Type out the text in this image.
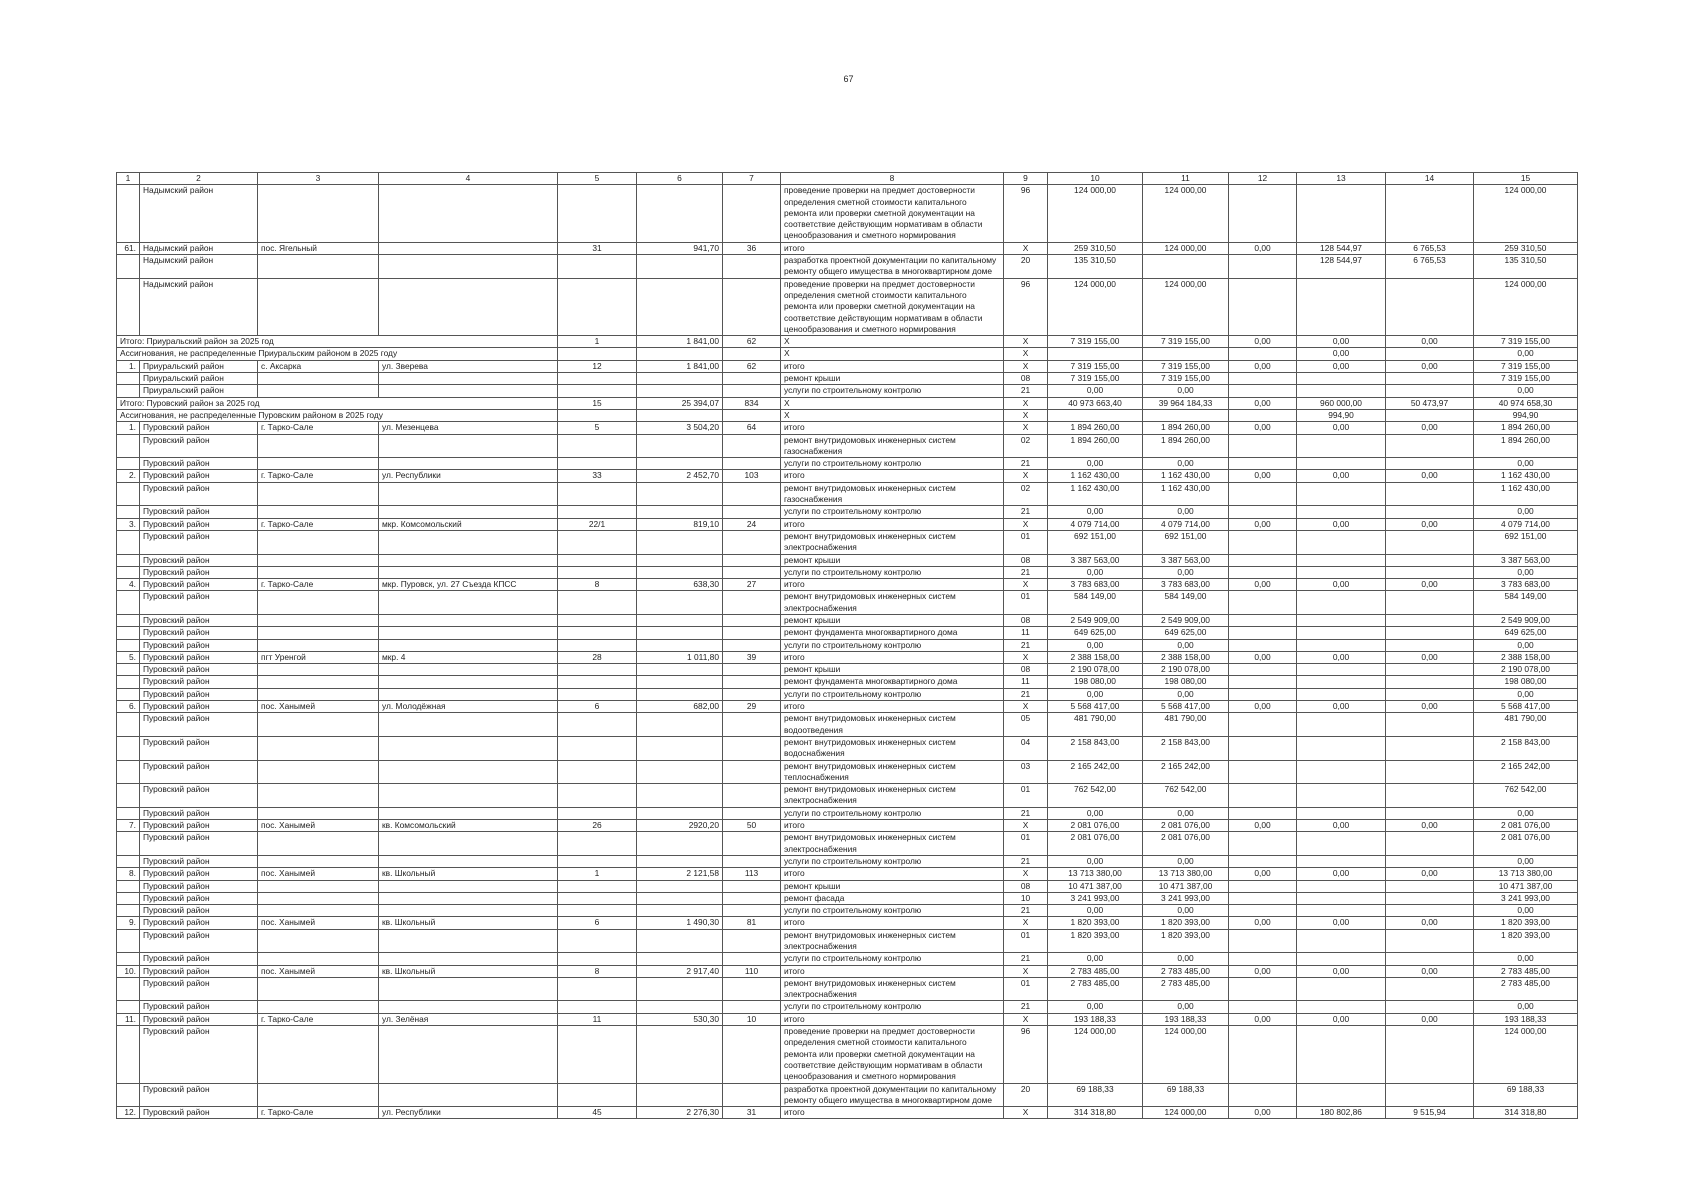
67
1	2	3	4	5	6	7	8	9	10	11	12	13	14	15
	Надымский район						проведение проверки на предмет достоверности определения сметной стоимости капитального ремонта или проверки сметной документации на соответствие действующим нормативам в области ценообразования и сметного нормирования	96	124 000,00	124 000,00				124 000,00
61.	Надымский район	пос. Ягельный		31	941,70	36	итого	X	259 310,50	124 000,00	0,00	128 544,97	6 765,53	259 310,50
	Надымский район						разработка проектной документации по капитальному ремонту общего имущества в многоквартирном доме	20	135 310,50			128 544,97	6 765,53	135 310,50
	Надымский район						проведение проверки на предмет достоверности определения сметной стоимости капитального ремонта или проверки сметной документации на соответствие действующим нормативам в области ценообразования и сметного нормирования	96	124 000,00	124 000,00				124 000,00
Итого: Приуральский район за 2025 год				1	1 841,00	62	X	X	7 319 155,00	7 319 155,00	0,00	0,00	0,00	7 319 155,00
Ассигнования, не распределенные Приуральским районом в 2025 году							X	X				0,00		0,00
1.	Приуральский район	с. Аксарка	ул. Зверева	12	1 841,00	62	итого	X	7 319 155,00	7 319 155,00	0,00	0,00	0,00	7 319 155,00
	Приуральский район						ремонт крыши	08	7 319 155,00	7 319 155,00				7 319 155,00
	Приуральский район						услуги по строительному контролю	21	0,00	0,00				0,00
Итого: Пуровский район за 2025 год				15	25 394,07	834	X	X	40 973 663,40	39 964 184,33	0,00	960 000,00	50 473,97	40 974 658,30
Ассигнования, не распределенные Пуровским районом в 2025 году							X	X				994,90		994,90
1.	Пуровский район	г. Тарко-Сале	ул. Мезенцева	5	3 504,20	64	итого	X	1 894 260,00	1 894 260,00	0,00	0,00	0,00	1 894 260,00
	Пуровский район						ремонт внутридомовых инженерных систем газоснабжения	02	1 894 260,00	1 894 260,00				1 894 260,00
	Пуровский район						услуги по строительному контролю	21	0,00	0,00				0,00
2.	Пуровский район	г. Тарко-Сале	ул. Республики	33	2 452,70	103	итого	X	1 162 430,00	1 162 430,00	0,00	0,00	0,00	1 162 430,00
	Пуровский район						ремонт внутридомовых инженерных систем газоснабжения	02	1 162 430,00	1 162 430,00				1 162 430,00
	Пуровский район						услуги по строительному контролю	21	0,00	0,00				0,00
3.	Пуровский район	г. Тарко-Сале	мкр. Комсомольский	22/1	819,10	24	итого	X	4 079 714,00	4 079 714,00	0,00	0,00	0,00	4 079 714,00
	Пуровский район						ремонт внутридомовых инженерных систем электроснабжения	01	692 151,00	692 151,00				692 151,00
	Пуровский район						ремонт крыши	08	3 387 563,00	3 387 563,00				3 387 563,00
	Пуровский район						услуги по строительному контролю	21	0,00	0,00				0,00
4.	Пуровский район	г. Тарко-Сале	мкр. Пуровск, ул. 27 Съезда КПСС	8	638,30	27	итого	X	3 783 683,00	3 783 683,00	0,00	0,00	0,00	3 783 683,00
	Пуровский район						ремонт внутридомовых инженерных систем электроснабжения	01	584 149,00	584 149,00				584 149,00
	Пуровский район						ремонт крыши	08	2 549 909,00	2 549 909,00				2 549 909,00
	Пуровский район						ремонт фундамента многоквартирного дома	11	649 625,00	649 625,00				649 625,00
	Пуровский район						услуги по строительному контролю	21	0,00	0,00				0,00
5.	Пуровский район	пгт Уренгой	мкр. 4	28	1 011,80	39	итого	X	2 388 158,00	2 388 158,00	0,00	0,00	0,00	2 388 158,00
	Пуровский район						ремонт крыши	08	2 190 078,00	2 190 078,00				2 190 078,00
	Пуровский район						ремонт фундамента многоквартирного дома	11	198 080,00	198 080,00				198 080,00
	Пуровский район						услуги по строительному контролю	21	0,00	0,00				0,00
6.	Пуровский район	пос. Ханымей	ул. Молодёжная	6	682,00	29	итого	X	5 568 417,00	5 568 417,00	0,00	0,00	0,00	5 568 417,00
	Пуровский район						ремонт внутридомовых инженерных систем водоотведения	05	481 790,00	481 790,00				481 790,00
	Пуровский район						ремонт внутридомовых инженерных систем водоснабжения	04	2 158 843,00	2 158 843,00				2 158 843,00
	Пуровский район						ремонт внутридомовых инженерных систем теплоснабжения	03	2 165 242,00	2 165 242,00				2 165 242,00
	Пуровский район						ремонт внутридомовых инженерных систем электроснабжения	01	762 542,00	762 542,00				762 542,00
	Пуровский район						услуги по строительному контролю	21	0,00	0,00				0,00
7.	Пуровский район	пос. Ханымей	кв. Комсомольский	26	2920,20	50	итого	X	2 081 076,00	2 081 076,00	0,00	0,00	0,00	2 081 076,00
	Пуровский район						ремонт внутридомовых инженерных систем электроснабжения	01	2 081 076,00	2 081 076,00				2 081 076,00
	Пуровский район						услуги по строительному контролю	21	0,00	0,00				0,00
8.	Пуровский район	пос. Ханымей	кв. Школьный	1	2 121,58	113	итого	X	13 713 380,00	13 713 380,00	0,00	0,00	0,00	13 713 380,00
	Пуровский район						ремонт крыши	08	10 471 387,00	10 471 387,00				10 471 387,00
	Пуровский район						ремонт фасада	10	3 241 993,00	3 241 993,00				3 241 993,00
	Пуровский район						услуги по строительному контролю	21	0,00	0,00				0,00
9.	Пуровский район	пос. Ханымей	кв. Школьный	6	1 490,30	81	итого	X	1 820 393,00	1 820 393,00	0,00	0,00	0,00	1 820 393,00
	Пуровский район						ремонт внутридомовых инженерных систем электроснабжения	01	1 820 393,00	1 820 393,00				1 820 393,00
	Пуровский район						услуги по строительному контролю	21	0,00	0,00				0,00
10.	Пуровский район	пос. Ханымей	кв. Школьный	8	2 917,40	110	итого	X	2 783 485,00	2 783 485,00	0,00	0,00	0,00	2 783 485,00
	Пуровский район						ремонт внутридомовых инженерных систем электроснабжения	01	2 783 485,00	2 783 485,00				2 783 485,00
	Пуровский район						услуги по строительному контролю	21	0,00	0,00				0,00
11.	Пуровский район	г. Тарко-Сале	ул. Зелёная	11	530,30	10	итого	X	193 188,33	193 188,33	0,00	0,00	0,00	193 188,33
	Пуровский район						проведение проверки на предмет достоверности определения сметной стоимости капитального ремонта или проверки сметной документации на соответствие действующим нормативам в области ценообразования и сметного нормирования	96	124 000,00	124 000,00				124 000,00
	Пуровский район						разработка проектной документации по капитальному ремонту общего имущества в многоквартирном доме	20	69 188,33	69 188,33				69 188,33
12.	Пуровский район	г. Тарко-Сале	ул. Республики	45	2 276,30	31	итого	X	314 318,80	124 000,00	0,00	180 802,86	9 515,94	314 318,80
